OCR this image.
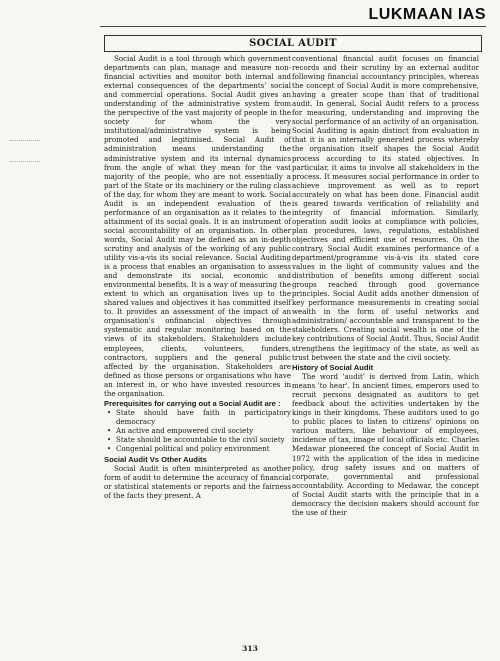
LUKMAAN IAS
SOCIAL AUDIT

Social Audit is a tool through which government departments can plan, manage and measure non-financial activities and monitor both internal and external consequences of the departments' social and commercial operations. Social Audit gives an understanding of the administrative system from the perspective of the vast majority of people in the society for whom the very institutional/administrative system is being promoted and legitimised. Social Audit of administration means understanding the administrative system and its internal dynamics from the angle of what they mean for the vast majority of the people, who are not essentially a part of the State or its machinery or the ruling class of the day, for whom they are meant to work. Social Audit is an independent evaluation of the performance of an organisation as it relates to the attainment of its social goals. It is an instrument of social accountability of an organisation. In other words, Social Audit may be defined as an in-depth scrutiny and analysis of the working of any public utility vis-a-vis its social relevance. Social Auditing is a process that enables an organisation to assess and demonstrate its social, economic and environmental benefits. It is a way of measuring the extent to which an organisation lives up to the shared values and objectives it has committed itself to. It provides an assessment of the impact of an organisation's onfinancial objectives through systematic and regular monitoring based on the views of its stakeholders. Stakeholders include employees, clients, volunteers, funders, contractors, suppliers and the general public affected by the organisation. Stakeholders are defined as those persons or organisations who have an interest in, or who have invested resources in the organisation.

Prerequisites for carrying out a Social Audit are :
• State should have faith in participatory democracy
• An active and empowered civil society
• State should be accountable to the civil society
• Congenial political and policy environment
Social Audit Vs Other Audits

Social Audit is often misinterpreted as another form of audit to determine the accuracy of financial or statistical statements or reports and the fairness of the facts they present. A

conventional financial audit focuses on financial records and their scrutiny by an external auditor following financial accountancy principles, whereas the concept of Social Audit is more comprehensive, having a greater scope than that of traditional audit. In general, Social Audit refers to a process for measuring, understanding and improving the social performance of an activity of an organisation. Social Auditing is again distinct from evaluation in that it is an internally generated process whereby the organisation itself shapes the Social Audit process according to its stated objectives. In particular, it aims to involve all stakeholders in the process. It measures social performance in order to achieve improvement as well as to report accurately on what has been done. Financial audit is geared towards verification of reliability and integrity of financial information. Similarly, operation audit looks at compliance with policies, plan procedures, laws, regulations, established objectives and efficient use of resources. On the contrary, Social Audit examines performance of a department/programme vis-à-vis its stated core values in the light of community values and the distribution of benefits among different social groups reached through good governance principles. Social Audit adds another dimension of key performance measurements in creating social wealth in the form of useful networks and administration/ accountable and transparent to the stakeholders. Creating social wealth is one of the key contributions of Social Audit. Thus, Social Audit strengthens the legitimacy of the state, as well as trust between the state and the civil society.

History of Social Audit

The word 'audit' is derived from Latin, which means 'to hear'. In ancient times, emperors used to recruit persons designated as auditors to get feedback about the activities undertaken by the kings in their kingdoms. These auditors used to go to public places to listen to citizens' opinions on various matters, like behaviour of employees, incidence of tax, image of local officials etc. Charles Medawar pioneered the concept of Social Audit in 1972 with the application of the idea in medicine policy, drug safety issues and on matters of corporate, governmental and professional accountability. According to Medawar, the concept of Social Audit starts with the principle that in a democracy the decision makers should account for the use of their

313
